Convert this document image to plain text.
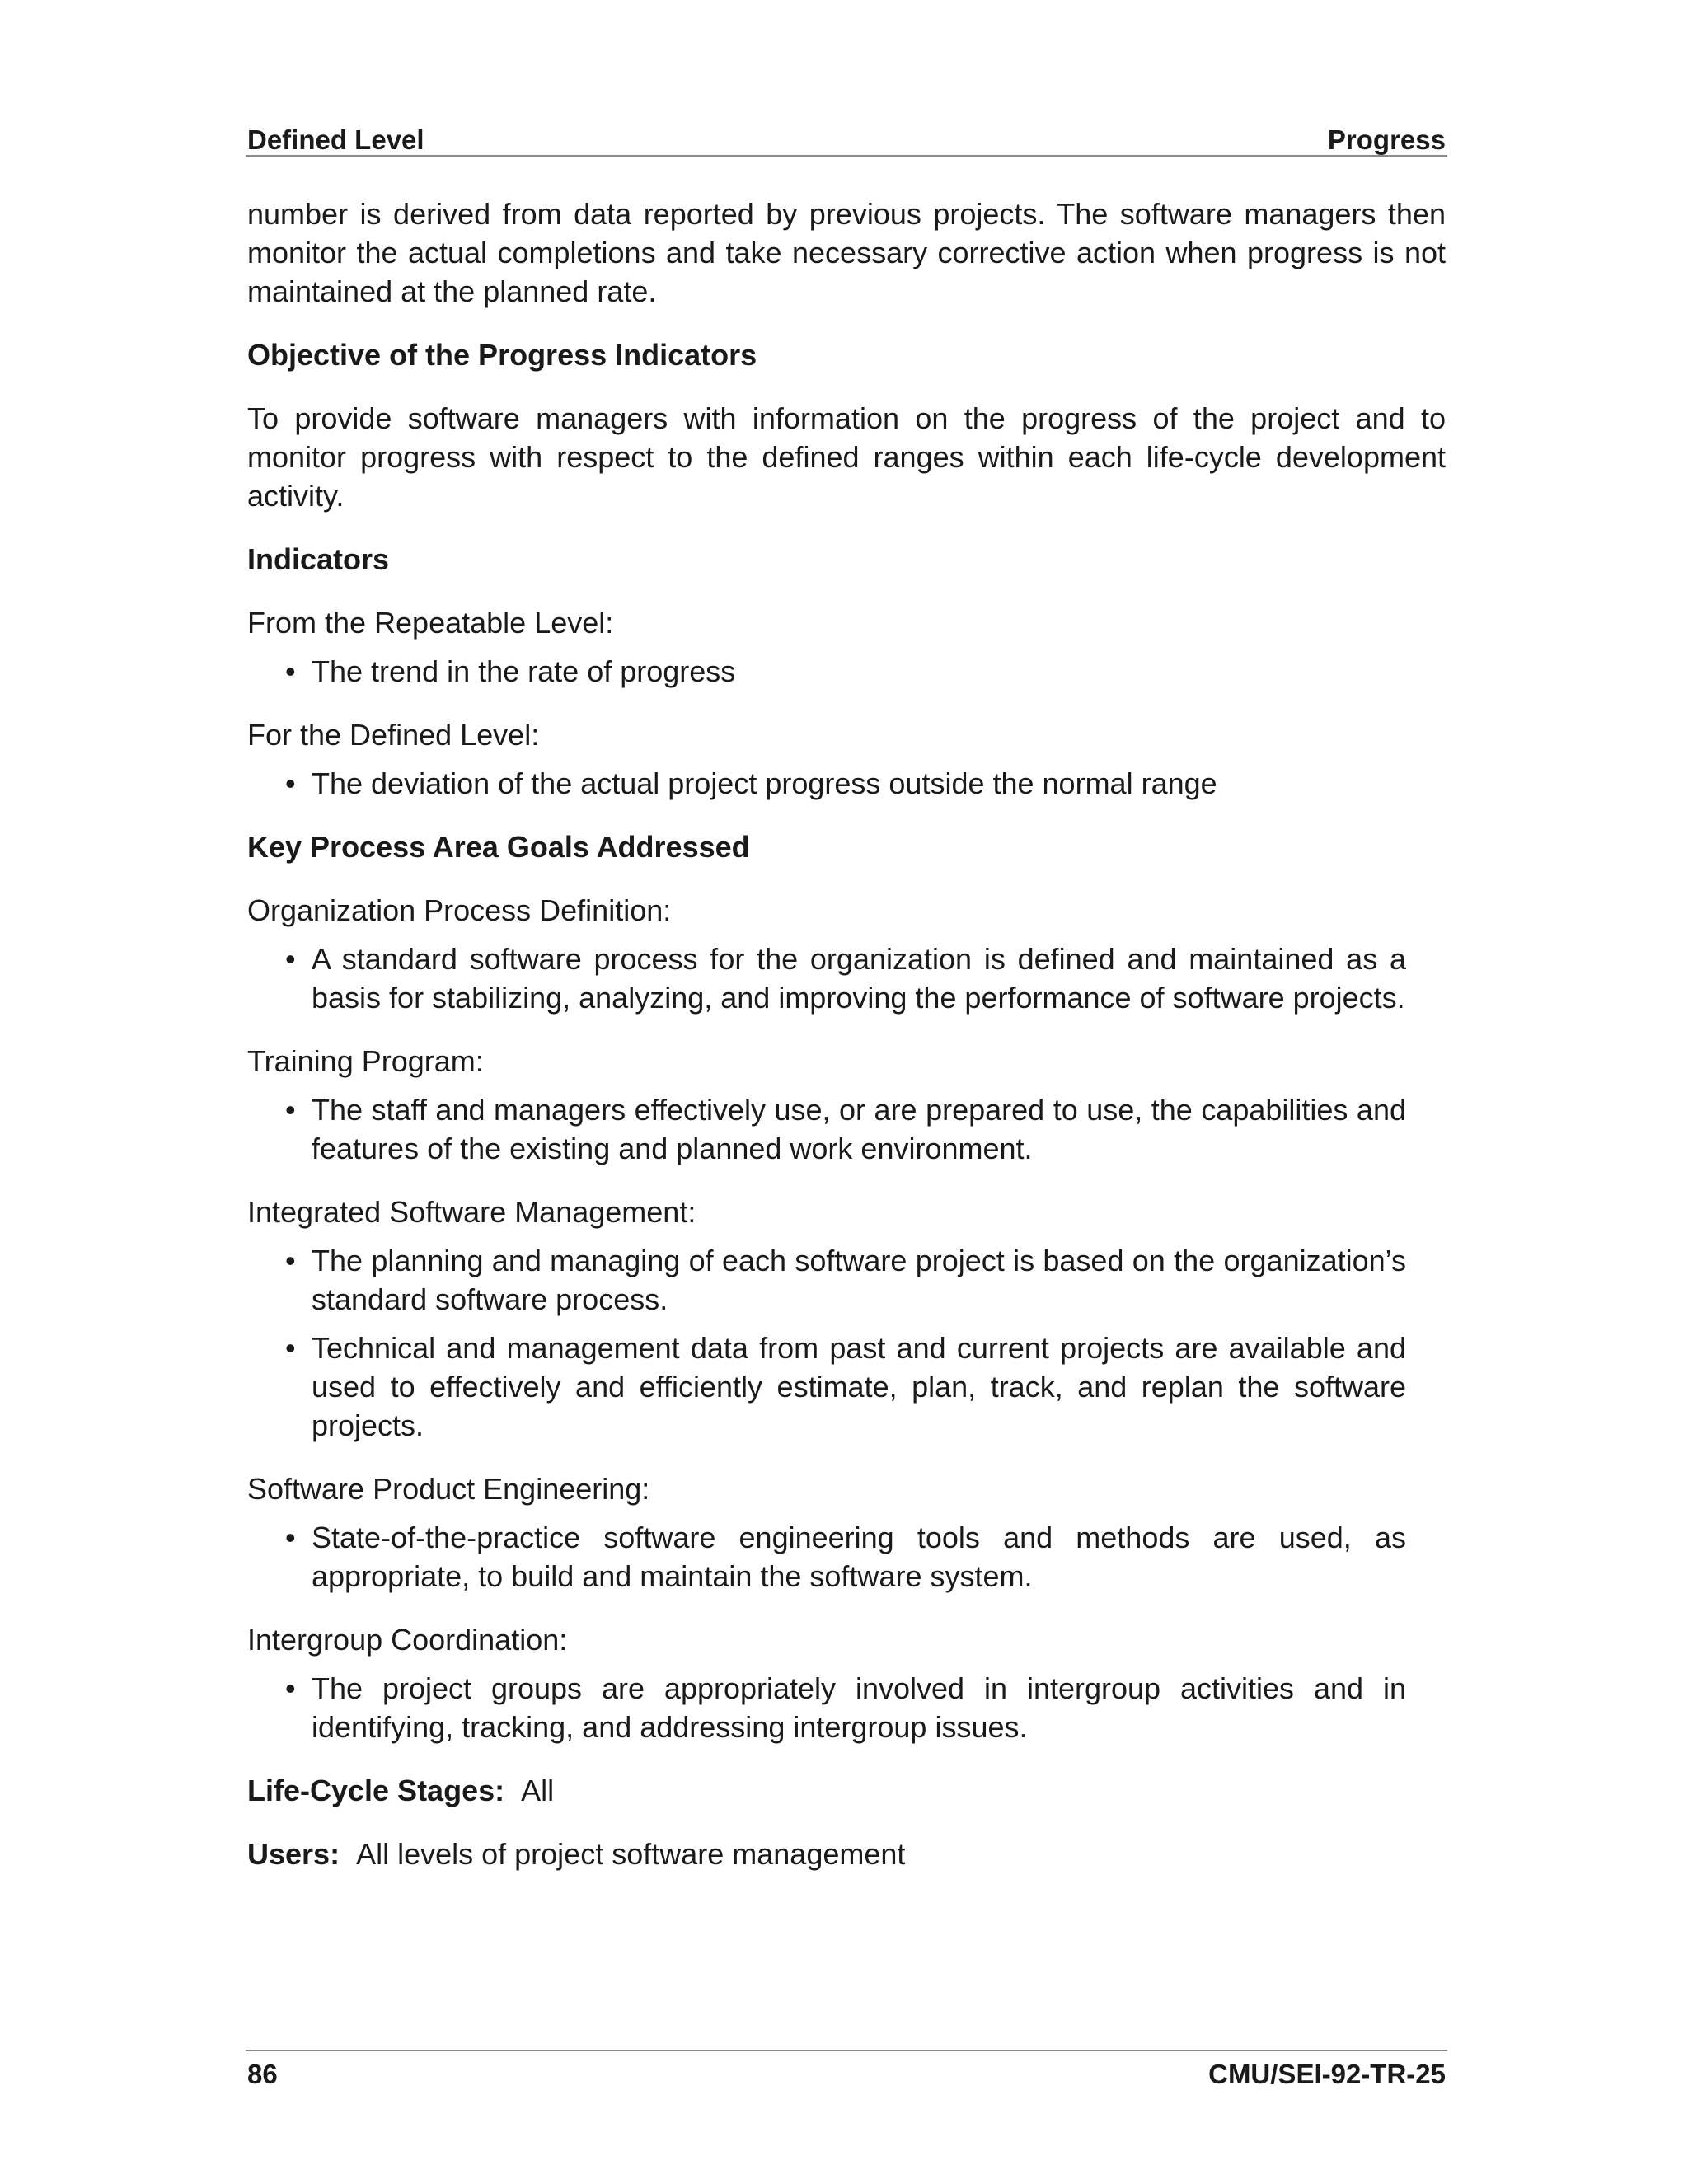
Defined Level	Progress

number is derived from data reported by previous projects. The software managers then monitor the actual completions and take necessary corrective action when progress is not maintained at the planned rate.

Objective of the Progress Indicators

To provide software managers with information on the progress of the project and to monitor progress with respect to the defined ranges within each life-cycle development activity.

Indicators

From the Repeatable Level:

• The trend in the rate of progress

For the Defined Level:

• The deviation of the actual project progress outside the normal range

Key Process Area Goals Addressed

Organization Process Definition:

• A standard software process for the organization is defined and maintained as a basis for stabilizing, analyzing, and improving the performance of software projects.

Training Program:

• The staff and managers effectively use, or are prepared to use, the capabilities and features of the existing and planned work environment.

Integrated Software Management:

• The planning and managing of each software project is based on the organization’s standard software process.
• Technical and management data from past and current projects are available and used to effectively and efficiently estimate, plan, track, and replan the software projects.

Software Product Engineering:

• State-of-the-practice software engineering tools and methods are used, as appropriate, to build and maintain the software system.

Intergroup Coordination:

• The project groups are appropriately involved in intergroup activities and in identifying, tracking, and addressing intergroup issues.

Life-Cycle Stages: All

Users: All levels of project software management

86	CMU/SEI-92-TR-25
